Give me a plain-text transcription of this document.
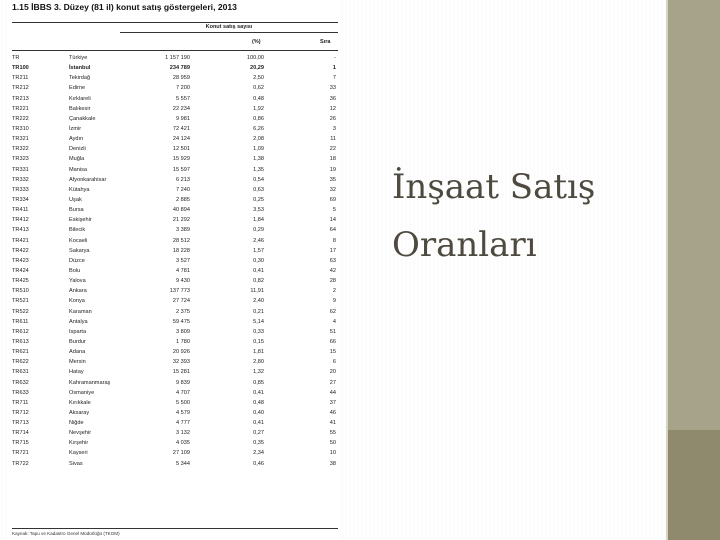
1.15 İBBS 3. Düzey (81 il) konut satış göstergeleri, 2013
Konut satış sayısı
(%)	Sıra
TR	Türkiye	1 157 190	100,00	-
TR100	İstanbul	234 789	20,29	1
TR211	Tekirdağ	28 959	2,50	7
TR212	Edirne	7 200	0,62	33
TR213	Kırklareli	5 557	0,48	36
TR221	Balıkesir	22 234	1,92	12
TR222	Çanakkale	9 981	0,86	26
TR310	İzmir	72 421	6,26	3
TR321	Aydın	24 124	2,08	11
TR322	Denizli	12 501	1,09	22
TR323	Muğla	15 929	1,38	18
TR331	Manisa	15 597	1,35	19
TR332	Afyonkarahisar	6 213	0,54	35
TR333	Kütahya	7 240	0,63	32
TR334	Uşak	2 885	0,25	69
TR411	Bursa	40 894	3,53	5
TR412	Eskişehir	21 292	1,84	14
TR413	Bilecik	3 389	0,29	64
TR421	Kocaeli	28 512	2,46	8
TR422	Sakarya	18 228	1,57	17
TR423	Düzce	3 527	0,30	63
TR424	Bolu	4 781	0,41	42
TR425	Yalova	9 430	0,82	28
TR510	Ankara	137 773	11,91	2
TR521	Konya	27 724	2,40	9
TR522	Karaman	2 375	0,21	62
TR611	Antalya	59 475	5,14	4
TR612	Isparta	3 809	0,33	51
TR613	Burdur	1 780	0,15	66
TR621	Adana	20 926	1,81	15
TR622	Mersin	32 393	2,80	6
TR631	Hatay	15 281	1,32	20
TR632	Kahramanmaraş	9 839	0,85	27
TR633	Osmaniye	4 707	0,41	44
TR711	Kırıkkale	5 500	0,48	37
TR712	Aksaray	4 579	0,40	46
TR713	Niğde	4 777	0,41	41
TR714	Nevşehir	3 132	0,27	55
TR715	Kırşehir	4 035	0,35	50
TR721	Kayseri	27 109	2,34	10
TR722	Sivas	5 344	0,46	38
Kaynak: Tapu ve Kadastro Genel Müdürlüğü (TKGM)
İnşaat Satış
Oranları
